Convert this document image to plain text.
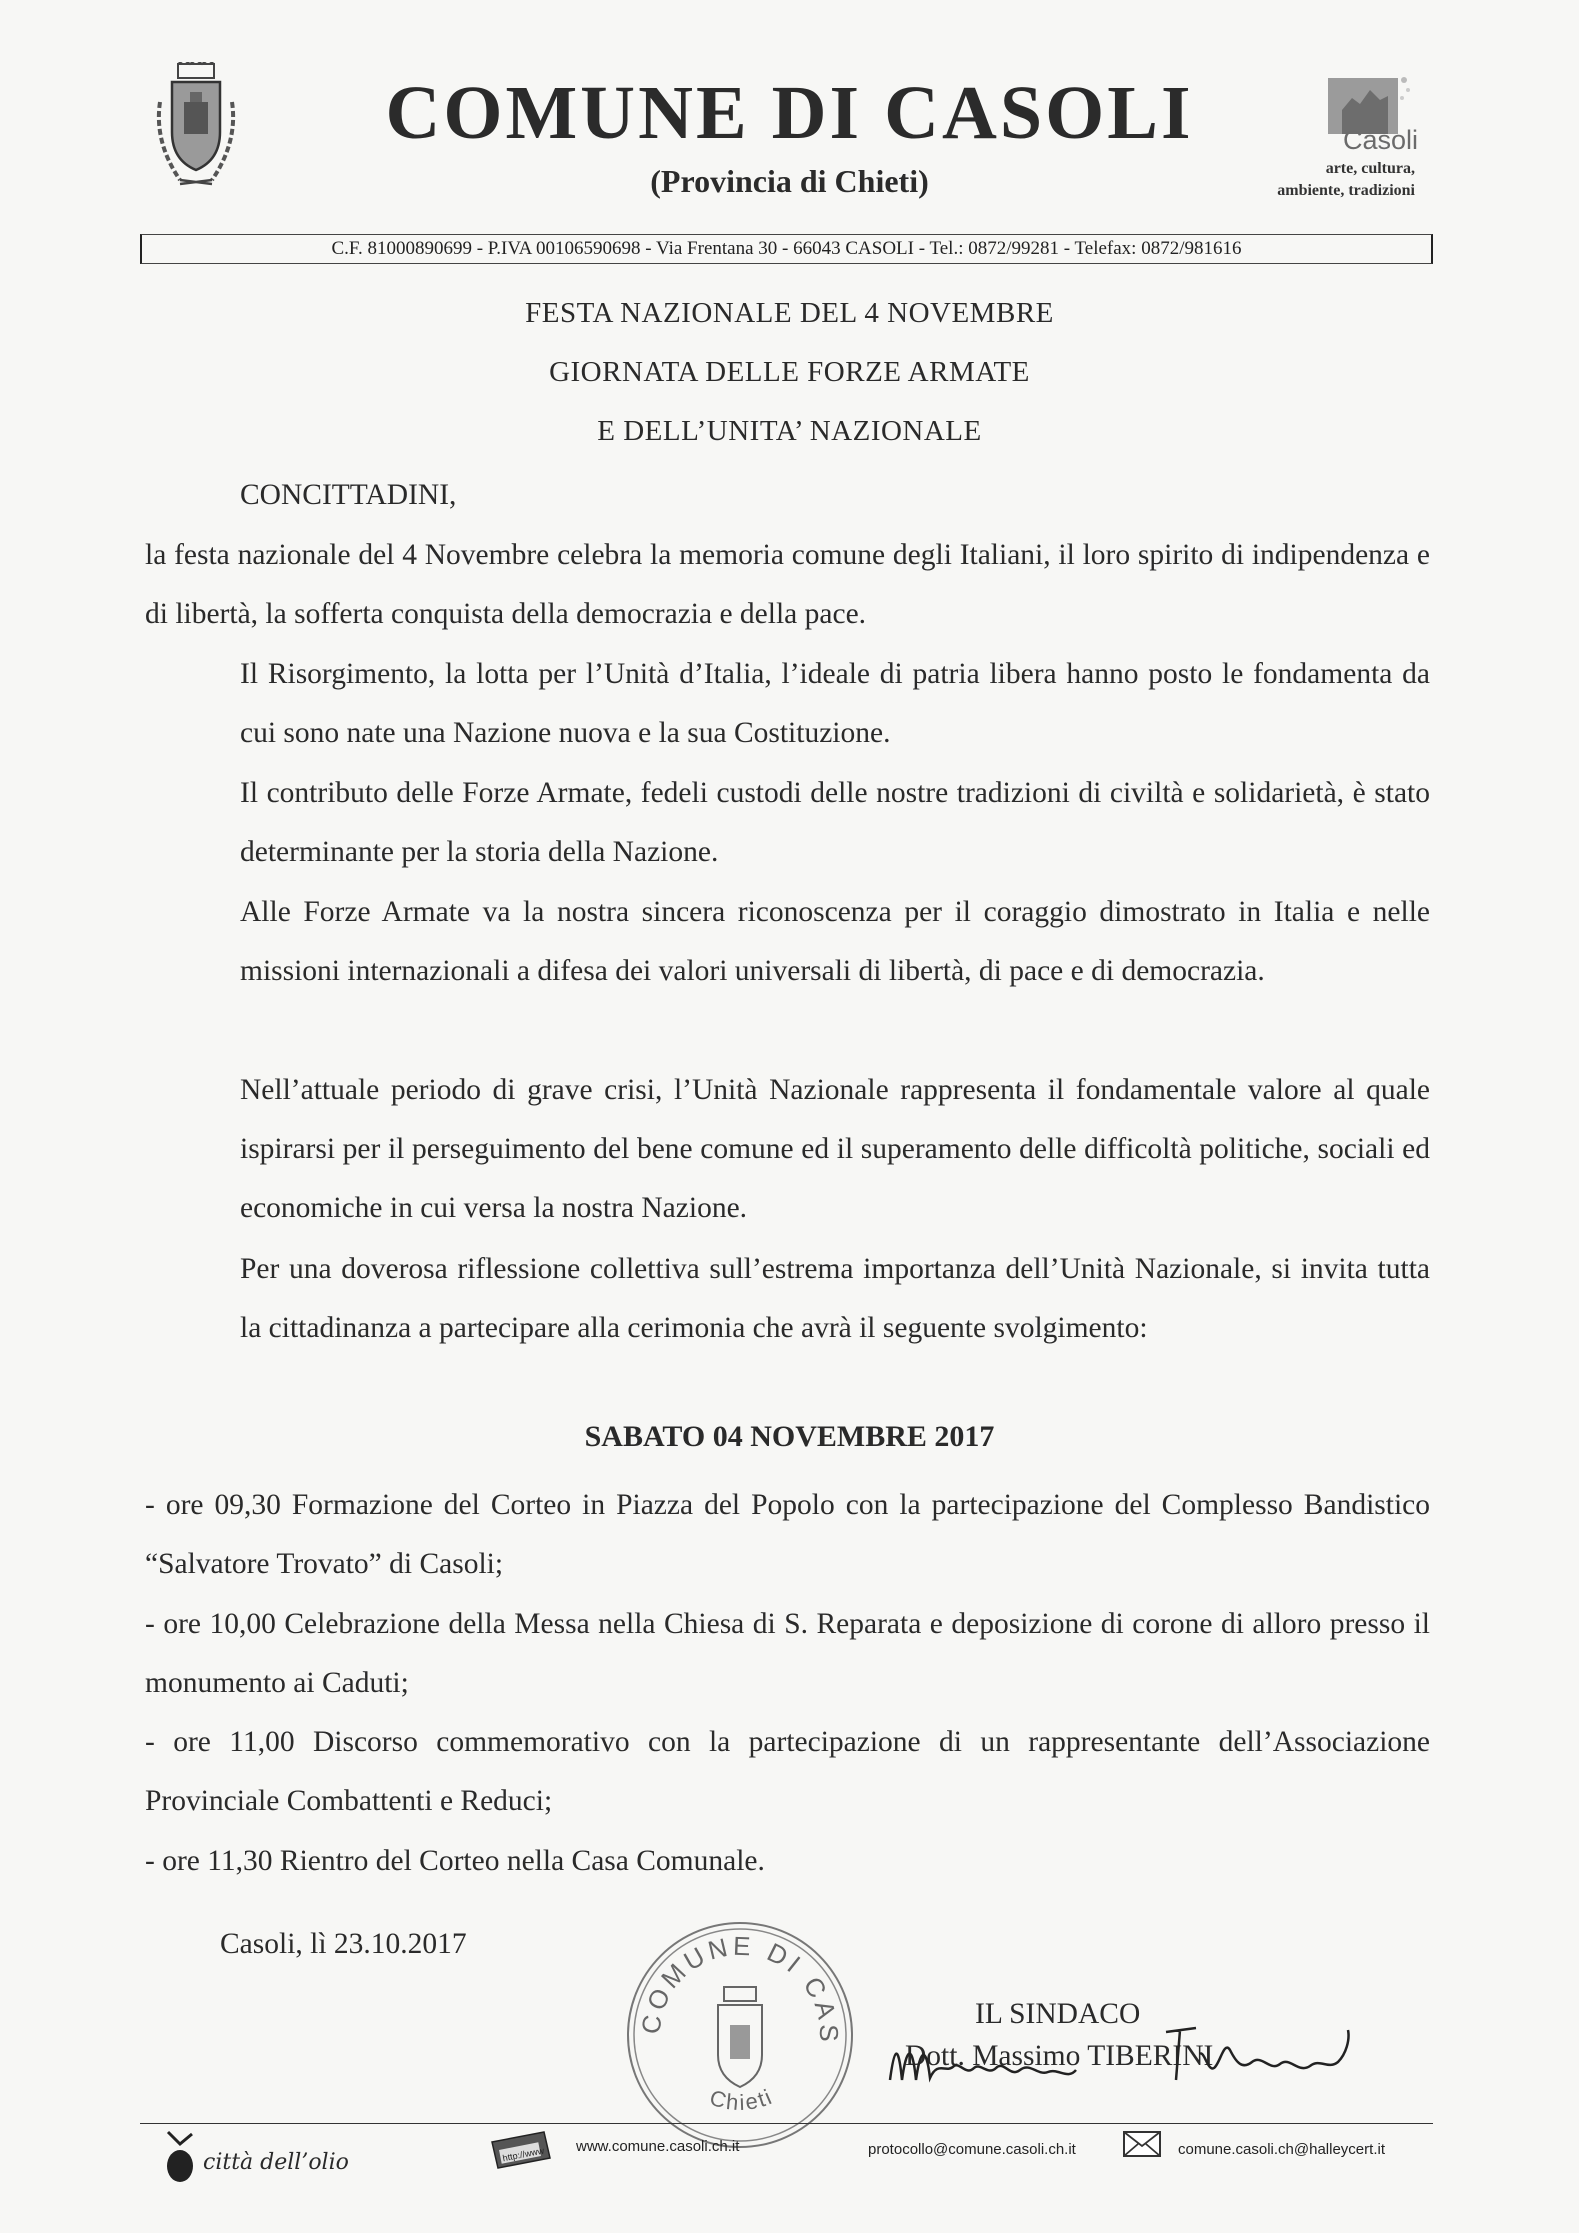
COMUNE DI CASOLI
(Provincia di Chieti)
Casoli
arte, cultura,
ambiente, tradizioni
C.F. 81000890699 - P.IVA 00106590698 - Via Frentana 30 - 66043 CASOLI - Tel.: 0872/99281 - Telefax: 0872/981616
FESTA NAZIONALE DEL 4 NOVEMBRE
GIORNATA DELLE FORZE ARMATE
E DELL’UNITA’ NAZIONALE
CONCITTADINI,
la festa nazionale del 4 Novembre celebra la memoria comune degli Italiani, il loro spirito di indipendenza e di libertà, la sofferta conquista della democrazia e della pace.
Il Risorgimento, la lotta per l’Unità d’Italia, l’ideale di patria libera hanno posto le fondamenta da cui sono nate una Nazione nuova e la sua Costituzione.
Il contributo delle Forze Armate, fedeli custodi delle nostre tradizioni di civiltà e solidarietà, è stato determinante per la storia della Nazione.
Alle Forze Armate va la nostra sincera riconoscenza per il coraggio dimostrato in Italia e nelle missioni internazionali a difesa dei valori universali di libertà, di pace e di democrazia.
Nell’attuale periodo di grave crisi, l’Unità Nazionale rappresenta il fondamentale valore al quale ispirarsi per il perseguimento del bene comune ed il superamento delle difficoltà politiche, sociali ed economiche in cui versa la nostra Nazione.
Per una doverosa riflessione collettiva sull’estrema importanza dell’Unità Nazionale, si invita tutta la cittadinanza a partecipare alla cerimonia che avrà il seguente svolgimento:
SABATO 04 NOVEMBRE 2017
- ore 09,30 Formazione del Corteo in Piazza del Popolo con la partecipazione del Complesso Bandistico “Salvatore Trovato” di Casoli;
- ore 10,00 Celebrazione della Messa nella Chiesa di S. Reparata e deposizione di corone di alloro presso il monumento ai Caduti;
- ore 11,00 Discorso commemorativo con la partecipazione di un rappresentante dell’Associazione Provinciale Combattenti e Reduci;
- ore 11,30 Rientro del Corteo nella Casa Comunale.
Casoli, lì 23.10.2017
COMUNE DI CAS
Chieti
IL SINDACO
Dott. Massimo TIBERINI
città dell’olio	http://www www.comune.casoli.ch.it	protocollo@comune.casoli.ch.it	comune.casoli.ch@halleycert.it
